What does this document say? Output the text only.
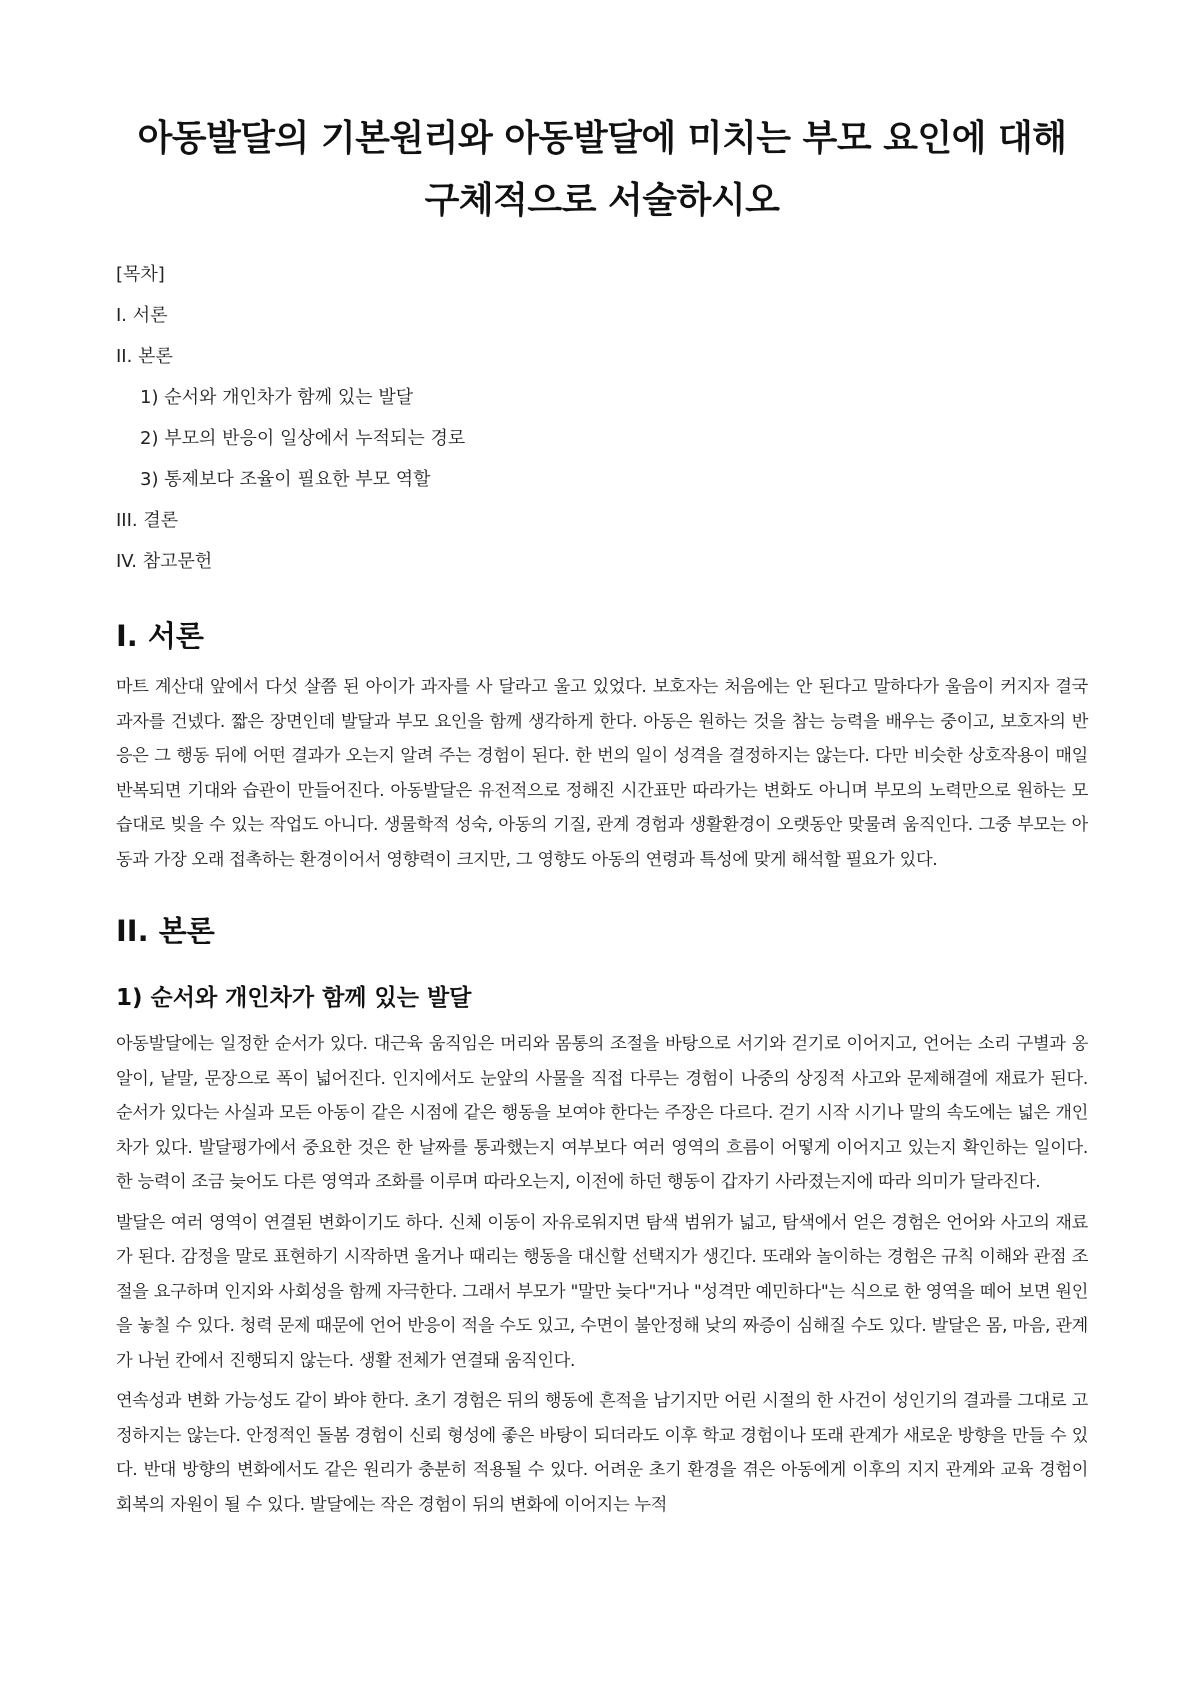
아동발달의 기본원리와 아동발달에 미치는 부모 요인에 대해 구체적으로 서술하시오

[목차]

I. 서론

II. 본론

1) 순서와 개인차가 함께 있는 발달

2) 부모의 반응이 일상에서 누적되는 경로

3) 통제보다 조율이 필요한 부모 역할

III. 결론

IV. 참고문헌

I. 서론

마트 계산대 앞에서 다섯 살쯤 된 아이가 과자를 사 달라고 울고 있었다. 보호자는 처음에는 안 된다고 말하다가 울음이 커지자 결국 과자를 건넸다. 짧은 장면인데 발달과 부모 요인을 함께 생각하게 한다. 아동은 원하는 것을 참는 능력을 배우는 중이고, 보호자의 반응은 그 행동 뒤에 어떤 결과가 오는지 알려 주는 경험이 된다. 한 번의 일이 성격을 결정하지는 않는다. 다만 비슷한 상호작용이 매일 반복되면 기대와 습관이 만들어진다. 아동발달은 유전적으로 정해진 시간표만 따라가는 변화도 아니며 부모의 노력만으로 원하는 모습대로 빚을 수 있는 작업도 아니다. 생물학적 성숙, 아동의 기질, 관계 경험과 생활환경이 오랫동안 맞물려 움직인다. 그중 부모는 아동과 가장 오래 접촉하는 환경이어서 영향력이 크지만, 그 영향도 아동의 연령과 특성에 맞게 해석할 필요가 있다.

II. 본론
1) 순서와 개인차가 함께 있는 발달

아동발달에는 일정한 순서가 있다. 대근육 움직임은 머리와 몸통의 조절을 바탕으로 서기와 걷기로 이어지고, 언어는 소리 구별과 옹알이, 낱말, 문장으로 폭이 넓어진다. 인지에서도 눈앞의 사물을 직접 다루는 경험이 나중의 상징적 사고와 문제해결에 재료가 된다. 순서가 있다는 사실과 모든 아동이 같은 시점에 같은 행동을 보여야 한다는 주장은 다르다. 걷기 시작 시기나 말의 속도에는 넓은 개인차가 있다. 발달평가에서 중요한 것은 한 날짜를 통과했는지 여부보다 여러 영역의 흐름이 어떻게 이어지고 있는지 확인하는 일이다. 한 능력이 조금 늦어도 다른 영역과 조화를 이루며 따라오는지, 이전에 하던 행동이 갑자기 사라졌는지에 따라 의미가 달라진다.

발달은 여러 영역이 연결된 변화이기도 하다. 신체 이동이 자유로워지면 탐색 범위가 넓고, 탐색에서 얻은 경험은 언어와 사고의 재료가 된다. 감정을 말로 표현하기 시작하면 울거나 때리는 행동을 대신할 선택지가 생긴다. 또래와 놀이하는 경험은 규칙 이해와 관점 조절을 요구하며 인지와 사회성을 함께 자극한다. 그래서 부모가 "말만 늦다"거나 "성격만 예민하다"는 식으로 한 영역을 떼어 보면 원인을 놓칠 수 있다. 청력 문제 때문에 언어 반응이 적을 수도 있고, 수면이 불안정해 낮의 짜증이 심해질 수도 있다. 발달은 몸, 마음, 관계가 나뉜 칸에서 진행되지 않는다. 생활 전체가 연결돼 움직인다.

연속성과 변화 가능성도 같이 봐야 한다. 초기 경험은 뒤의 행동에 흔적을 남기지만 어린 시절의 한 사건이 성인기의 결과를 그대로 고정하지는 않는다. 안정적인 돌봄 경험이 신뢰 형성에 좋은 바탕이 되더라도 이후 학교 경험이나 또래 관계가 새로운 방향을 만들 수 있다. 반대 방향의 변화에서도 같은 원리가 충분히 적용될 수 있다. 어려운 초기 환경을 겪은 아동에게 이후의 지지 관계와 교육 경험이 회복의 자원이 될 수 있다. 발달에는 작은 경험이 뒤의 변화에 이어지는 누적
